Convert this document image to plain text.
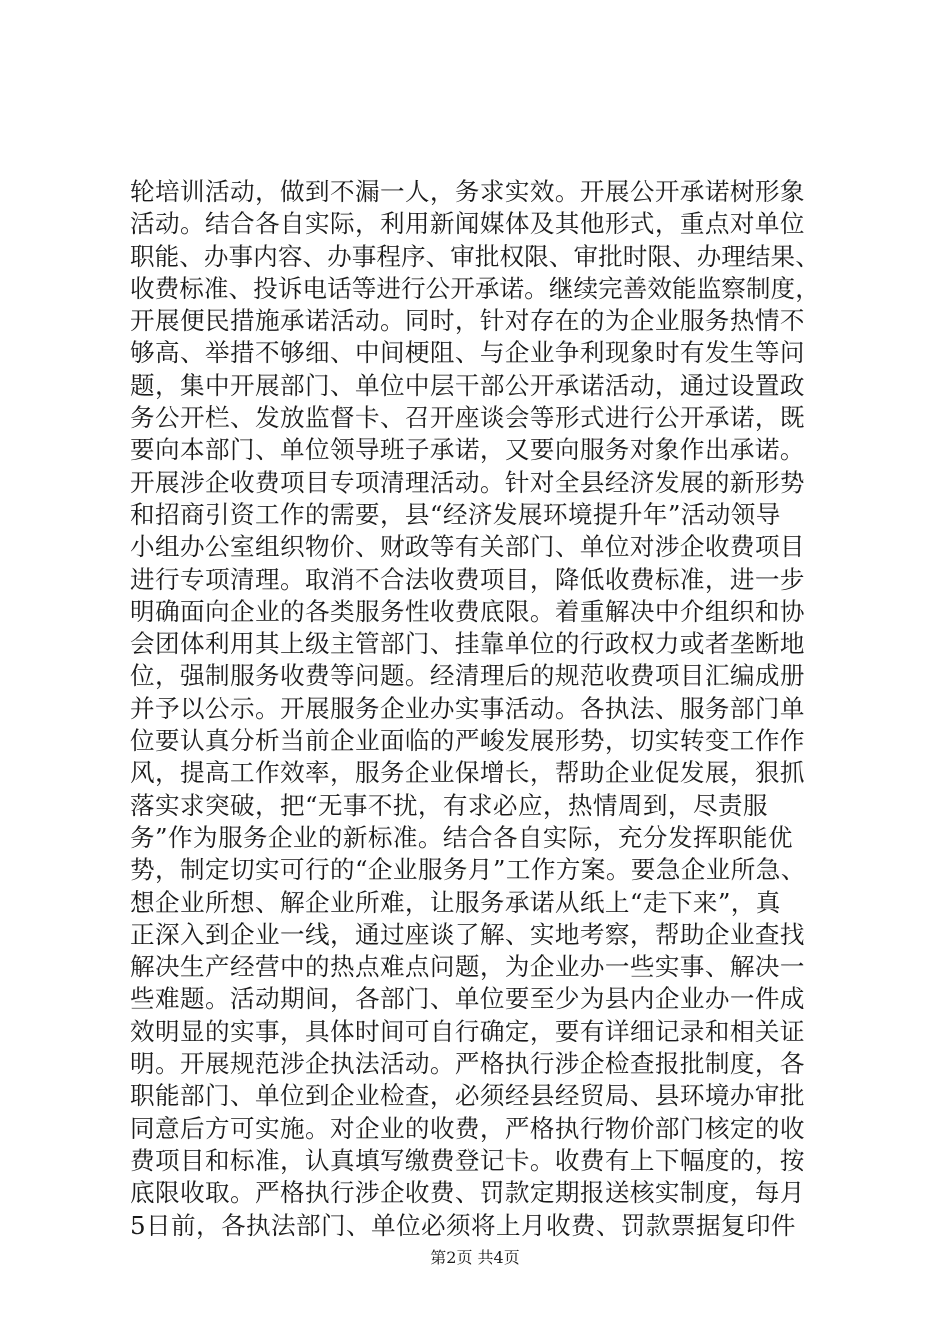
轮培训活动，做到不漏一人，务求实效。开展公开承诺树形象
活动。结合各自实际，利用新闻媒体及其他形式，重点对单位
职能、办事内容、办事程序、审批权限、审批时限、办理结果、
收费标准、投诉电话等进行公开承诺。继续完善效能监察制度，
开展便民措施承诺活动。同时，针对存在的为企业服务热情不
够高、举措不够细、中间梗阻、与企业争利现象时有发生等问
题，集中开展部门、单位中层干部公开承诺活动，通过设置政
务公开栏、发放监督卡、召开座谈会等形式进行公开承诺，既
要向本部门、单位领导班子承诺，又要向服务对象作出承诺。
开展涉企收费项目专项清理活动。针对全县经济发展的新形势
和招商引资工作的需要，县“经济发展环境提升年”活动领导
小组办公室组织物价、财政等有关部门、单位对涉企收费项目
进行专项清理。取消不合法收费项目，降低收费标准，进一步
明确面向企业的各类服务性收费底限。着重解决中介组织和协
会团体利用其上级主管部门、挂靠单位的行政权力或者垄断地
位，强制服务收费等问题。经清理后的规范收费项目汇编成册
并予以公示。开展服务企业办实事活动。各执法、服务部门单
位要认真分析当前企业面临的严峻发展形势，切实转变工作作
风，提高工作效率，服务企业保增长，帮助企业促发展，狠抓
落实求突破，把“无事不扰，有求必应，热情周到，尽责服
务”作为服务企业的新标准。结合各自实际，充分发挥职能优
势，制定切实可行的“企业服务月”工作方案。要急企业所急、
想企业所想、解企业所难，让服务承诺从纸上“走下来”，真
正深入到企业一线，通过座谈了解、实地考察，帮助企业查找
解决生产经营中的热点难点问题，为企业办一些实事、解决一
些难题。活动期间，各部门、单位要至少为县内企业办一件成
效明显的实事，具体时间可自行确定，要有详细记录和相关证
明。开展规范涉企执法活动。严格执行涉企检查报批制度，各
职能部门、单位到企业检查，必须经县经贸局、县环境办审批
同意后方可实施。对企业的收费，严格执行物价部门核定的收
费项目和标准，认真填写缴费登记卡。收费有上下幅度的，按
底限收取。严格执行涉企收费、罚款定期报送核实制度，每月
5日前，各执法部门、单位必须将上月收费、罚款票据复印件
第2页 共4页
